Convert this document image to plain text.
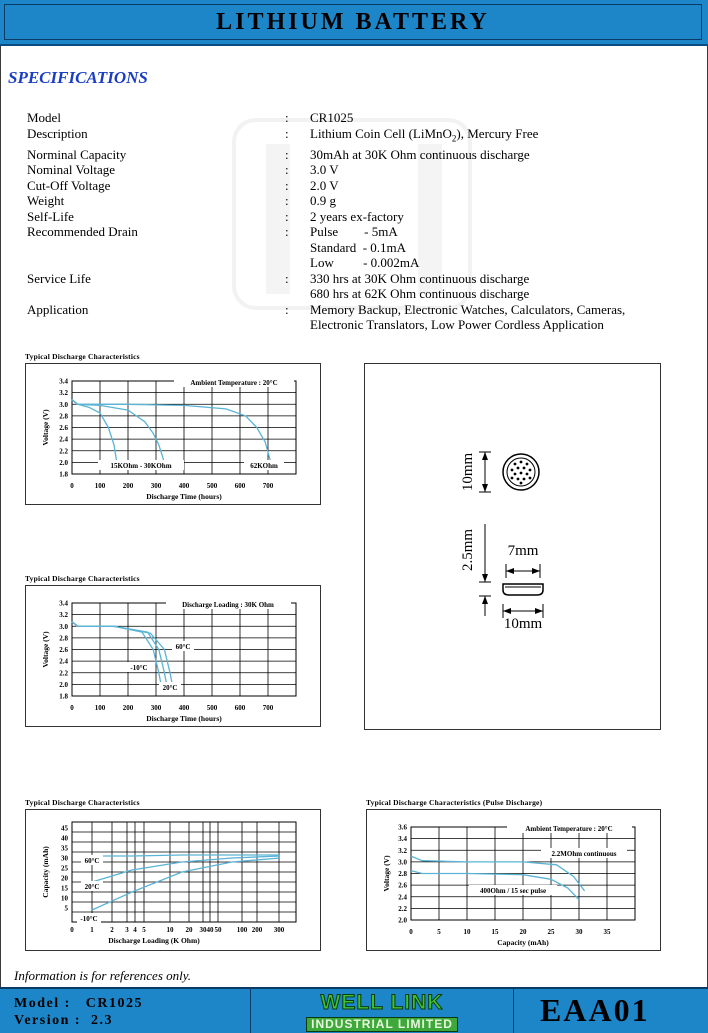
LITHIUM BATTERY
SPECIFICATIONS
Model	:	CR1025
Description	:	Lithium Coin Cell (LiMnO$_2$), Mercury Free
Norminal Capacity	:	30mAh at 30K Ohm continuous discharge
Nominal Voltage	:	3.0 V
Cut-Off Voltage	:	2.0 V
Weight	:	0.9 g
Self-Life	:	2 years ex-factory
Recommended Drain	:	Pulse        - 5mA
Standard  - 0.1mA
Low         - 0.002mA
Service Life	:	330 hrs at 30K Ohm continuous discharge
680 hrs at 62K Ohm continuous discharge
Application	:	Memory Backup, Electronic Watches, Calculators, Cameras,
Electronic Translators, Low Power Cordless Application
Typical Discharge Characteristics
3.4
3.2
3.0
2.8
2.6
2.4
2.2
2.0
1.8
0	100	200	300	400	500	600	700
Discharge Time (hours)
Voltage (V)
Ambient Temperature : 20°C
15KOhm - 30KOhm	62KOhm
Typical Discharge Characteristics
3.4
3.2
3.0
2.8
2.6
2.4
2.2
2.0
1.8
0	100	200	300	400	500	600	700
Discharge Time (hours)
Voltage (V)
Discharge Loading : 30K Ohm
60°C
-10°C
20°C
Typical Discharge Characteristics
0 1 2 3 4 5	10 20 30 40 50 100 200 300
45
40
35
30
25
20
15
10
5
Discharge Loading (K Ohm)
Capacity (mAh)	60°C
20°C
-10°C
Typical Discharge Characteristics (Pulse Discharge)
3.6
3.4
3.2
3.0
2.8
2.6
2.4
2.2
2.0
0	5	10	15	20	25	30	35
Capacity (mAh)
Voltage (V)
Ambient Temperature : 20°C
2.2MOhm continuous
400Ohm / 15 sec pulse
10mm
2.5mm 7mm
10mm
Information is for references only.
Model : CR1025
Version : 2.3
WELL LINK
INDUSTRIAL LIMITED	EAA01
